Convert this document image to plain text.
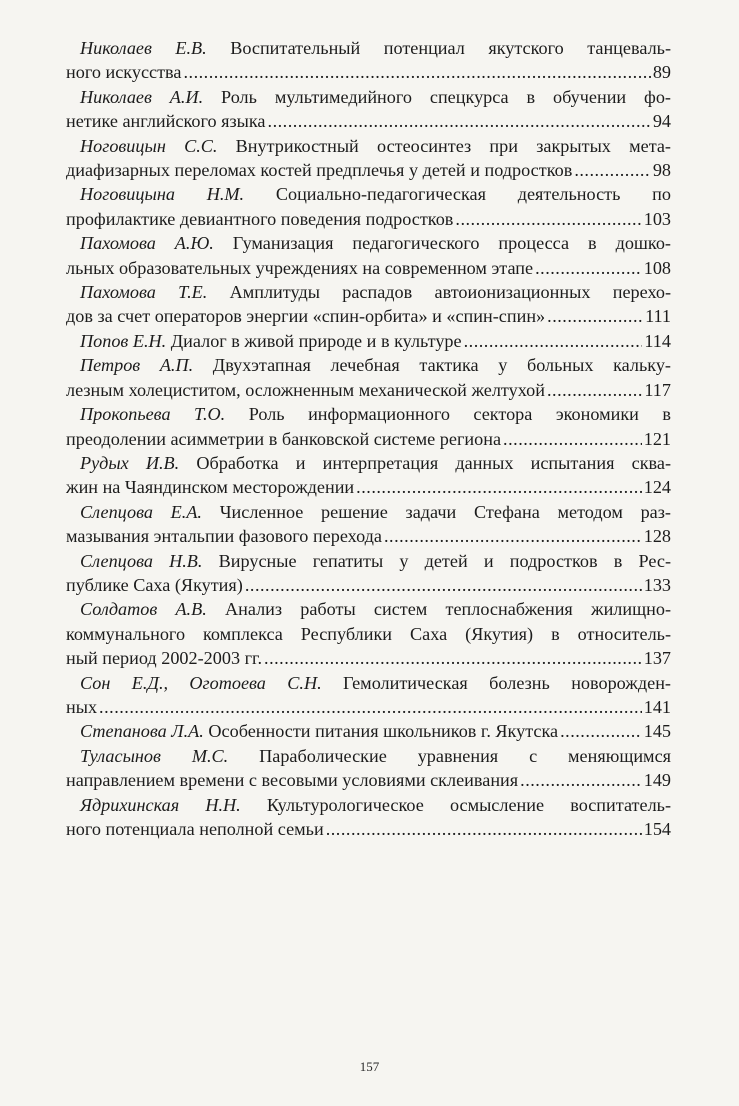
Николаев Е.В. Воспитательный потенциал якутского танцеваль-
ного искусства .....	89
Николаев А.И. Роль мультимедийного спецкурса в обучении фо-
нетике английского языка .....	94
Ноговицын С.С. Внутрикостный остеосинтез при закрытых мета-
диафизарных переломах костей предплечья у детей и подростков .....	98
Ноговицына Н.М. Социально-педагогическая деятельность по
профилактике девиантного поведения подростков .....	103
Пахомова А.Ю. Гуманизация педагогического процесса в дошко-
льных образовательных учреждениях на современном этапе .....	108
Пахомова Т.Е. Амплитуды распадов автоионизационных перехо-
дов за счет операторов энергии «спин-орбита» и «спин-спин» .....	111
Попов Е.Н. Диалог в живой природе и в культуре .....	114
Петров А.П. Двухэтапная лечебная тактика у больных кальку-
лезным холециститом, осложненным механической желтухой .....	117
Прокопьева Т.О. Роль информационного сектора экономики в
преодолении асимметрии в банковской системе региона .....	121
Рудых И.В. Обработка и интерпретация данных испытания сква-
жин на Чаяндинском месторождении .....	124
Слепцова Е.А. Численное решение задачи Стефана методом раз-
мазывания энтальпии фазового перехода .....	128
Слепцова Н.В. Вирусные гепатиты у детей и подростков в Рес-
публике Саха (Якутия) .....	133
Солдатов А.В. Анализ работы систем теплоснабжения жилищно-
коммунального комплекса Республики Саха (Якутия) в относитель-
ный период 2002-2003 гг. .....	137
Сон Е.Д., Оготоева С.Н. Гемолитическая болезнь новорожден-
ных .....	141
Степанова Л.А. Особенности питания школьников г. Якутска .....	145
Туласынов М.С. Параболические уравнения с меняющимся
направлением времени с весовыми условиями склеивания .....	149
Ядрихинская Н.Н. Культурологическое осмысление воспитатель-
ного потенциала неполной семьи .....	154
157
